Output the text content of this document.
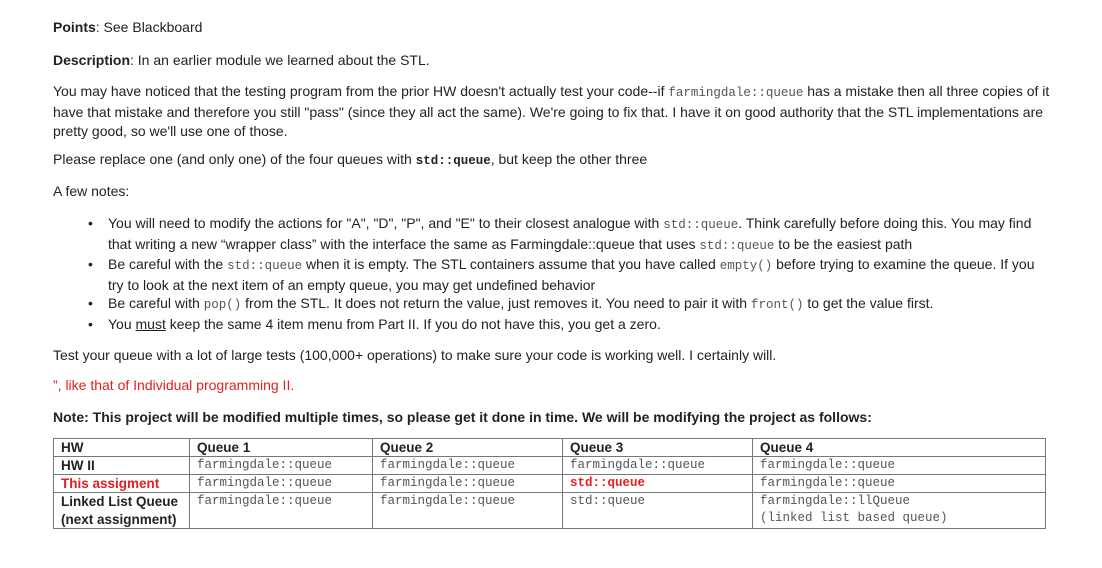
Points: See Blackboard

Description: In an earlier module we learned about the STL.

You may have noticed that the testing program from the prior HW doesn't actually test your code--if farmingdale::queue has a mistake then all three copies of it have that mistake and therefore you still "pass" (since they all act the same). We're going to fix that. I have it on good authority that the STL implementations are pretty good, so we'll use one of those.

Please replace one (and only one) of the four queues with std::queue, but keep the other three

A few notes:

• You will need to modify the actions for "A", "D", "P", and "E" to their closest analogue with std::queue. Think carefully before doing this. You may find that writing a new “wrapper class” with the interface the same as Farmingdale::queue that uses std::queue to be the easiest path
• Be careful with the std::queue when it is empty. The STL containers assume that you have called empty() before trying to examine the queue. If you try to look at the next item of an empty queue, you may get undefined behavior
• Be careful with pop() from the STL. It does not return the value, just removes it. You need to pair it with front() to get the value first.
• You must keep the same 4 item menu from Part II. If you do not have this, you get a zero.

Test your queue with a lot of large tests (100,000+ operations) to make sure your code is working well. I certainly will.

”, like that of Individual programming II.

Note: This project will be modified multiple times, so please get it done in time. We will be modifying the project as follows:

HW	Queue 1	Queue 2	Queue 3	Queue 4
HW II	farmingdale::queue	farmingdale::queue	farmingdale::queue	farmingdale::queue
This assigment	farmingdale::queue	farmingdale::queue	std::queue	farmingdale::queue
Linked List Queue (next assignment)	farmingdale::queue	farmingdale::queue	std::queue	farmingdale::llQueue
(linked list based queue)
